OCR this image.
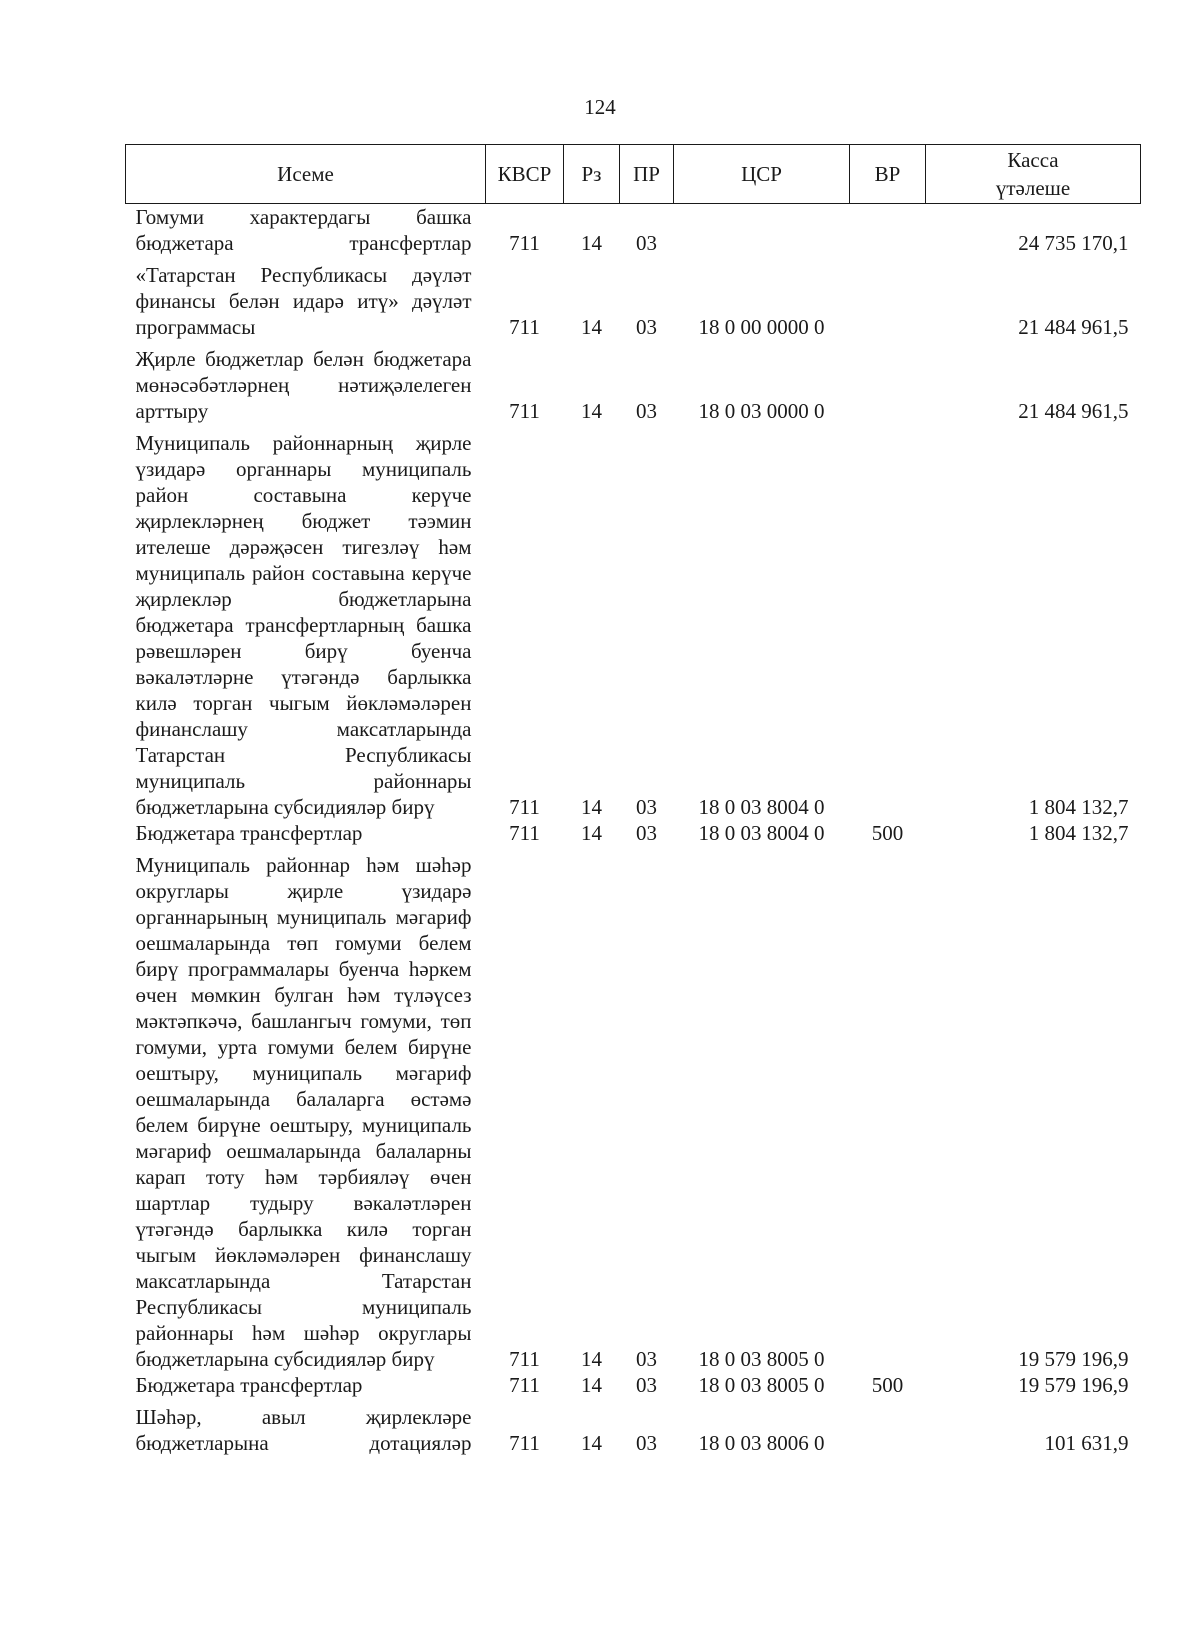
124
Исеме	КВСР	Рз	ПР	ЦСР	ВР	Касса
үтәлеше
Гомуми характердагы башка бюджетара трансфертлар	711	14	03			24 735 170,1
«Татарстан Республикасы дәүләт финансы белән идарә итү» дәүләт программасы	711	14	03	18 0 00 0000 0		21 484 961,5
Җирле бюджетлар белән бюджетара мөнәсәбәтләрнең нәтиҗәлелеген арттыру	711	14	03	18 0 03 0000 0		21 484 961,5
Муниципаль районнарның җирле үзидарә органнары муниципаль район составына керүче җирлекләрнең бюджет тәэмин ителеше дәрәҗәсен тигезләү һәм муниципаль район составына керүче җирлекләр бюджетларына бюджетара трансфертларның башка рәвешләрен бирү буенча вәкаләтләрне үтәгәндә барлыкка килә торган чыгым йөкләмәләрен финанслашу максатларында Татарстан Республикасы муниципаль районнары бюджетларына субсидияләр бирү	711	14	03	18 0 03 8004 0		1 804 132,7
Бюджетара трансфертлар	711	14	03	18 0 03 8004 0	500	1 804 132,7
Муниципаль районнар һәм шәһәр округлары җирле үзидарә органнарының муниципаль мәгариф оешмаларында төп гомуми белем бирү программалары буенча һәркем өчен мөмкин булган һәм түләүсез мәктәпкәчә, башлангыч гомуми, төп гомуми, урта гомуми белем бирүне оештыру, муниципаль мәгариф оешмаларында балаларга өстәмә белем бирүне оештыру, муниципаль мәгариф оешмаларында балаларны карап тоту һәм тәрбияләү өчен шартлар тудыру вәкаләтләрен үтәгәндә барлыкка килә торган чыгым йөкләмәләрен финанслашу максатларында Татарстан Республикасы муниципаль районнары һәм шәһәр округлары бюджетларына субсидияләр бирү	711	14	03	18 0 03 8005 0		19 579 196,9
Бюджетара трансфертлар	711	14	03	18 0 03 8005 0	500	19 579 196,9
Шәһәр, авыл җирлекләре бюджетларына дотацияләр	711	14	03	18 0 03 8006 0		101 631,9
